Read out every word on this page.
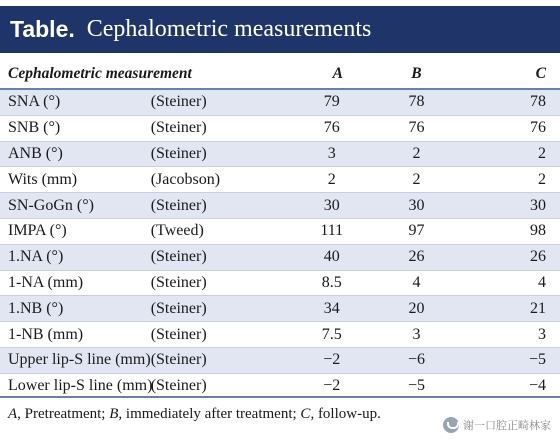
Table. Cephalometric measurements
Cephalometric measurement		A	B	C
SNA (°)	(Steiner)	79	78	78
SNB (°)	(Steiner)	76	76	76
ANB (°)	(Steiner)	3	2	2
Wits (mm)	(Jacobson)	2	2	2
SN-GoGn (°)	(Steiner)	30	30	30
IMPA (°)	(Tweed)	111	97	98
1.NA (°)	(Steiner)	40	26	26
1-NA (mm)	(Steiner)	8.5	4	4
1.NB (°)	(Steiner)	34	20	21
1-NB (mm)	(Steiner)	7.5	3	3
Upper lip-S line (mm)	(Steiner)	−2	−6	−5
Lower lip-S line (mm)	(Steiner)	−2	−5	−4
A, Pretreatment; B, immediately after treatment; C, follow-up.
谢一口腔正畸林家
